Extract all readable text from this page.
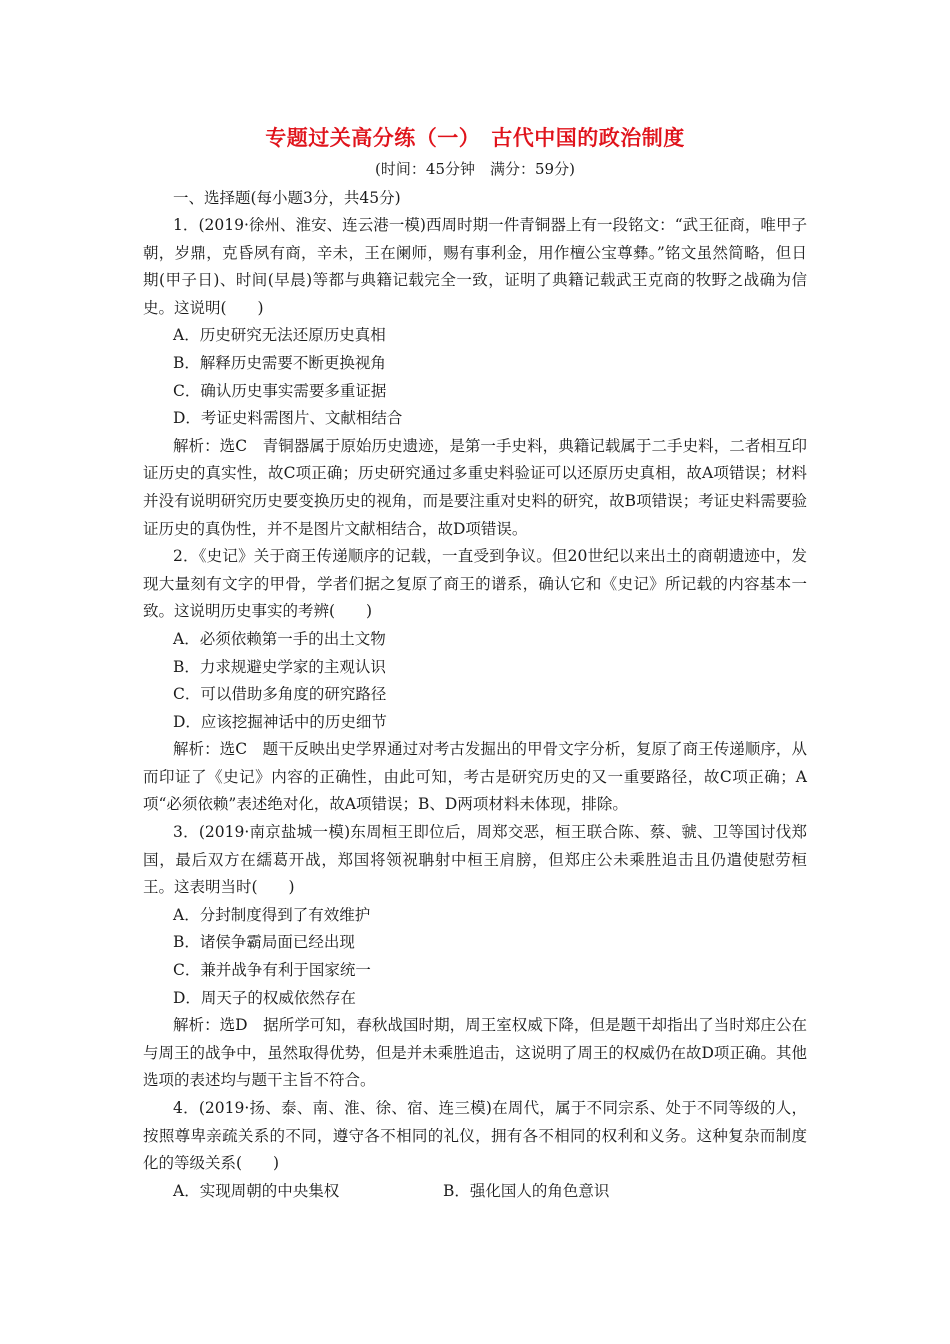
专题过关高分练（一）　古代中国的政治制度
(时间：45分钟　满分：59分)
一、选择题(每小题3分，共45分)

1．(2019·徐州、淮安、连云港一模)西周时期一件青铜器上有一段铭文：“武王征商，唯甲子朝，岁鼎，克昏夙有商，辛未，王在阑师，赐有事利金，用作檀公宝尊彝。”铭文虽然简略，但日期(甲子日)、时间(早晨)等都与典籍记载完全一致，证明了典籍记载武王克商的牧野之战确为信史。这说明(　　)

A．历史研究无法还原历史真相

B．解释历史需要不断更换视角

C．确认历史事实需要多重证据

D．考证史料需图片、文献相结合

解析：选C　青铜器属于原始历史遗迹，是第一手史料，典籍记载属于二手史料，二者相互印证历史的真实性，故C项正确；历史研究通过多重史料验证可以还原历史真相，故A项错误；材料并没有说明研究历史要变换历史的视角，而是要注重对史料的研究，故B项错误；考证史料需要验证历史的真伪性，并不是图片文献相结合，故D项错误。

2．《史记》关于商王传递顺序的记载，一直受到争议。但20世纪以来出土的商朝遗迹中，发现大量刻有文字的甲骨，学者们据之复原了商王的谱系，确认它和《史记》所记载的内容基本一致。这说明历史事实的考辨(　　)

A．必须依赖第一手的出土文物

B．力求规避史学家的主观认识

C．可以借助多角度的研究路径

D．应该挖掘神话中的历史细节

解析：选C　题干反映出史学界通过对考古发掘出的甲骨文字分析，复原了商王传递顺序，从而印证了《史记》内容的正确性，由此可知，考古是研究历史的又一重要路径，故C项正确；A项“必须依赖”表述绝对化，故A项错误；B、D两项材料未体现，排除。

3．(2019·南京盐城一模)东周桓王即位后，周郑交恶，桓王联合陈、蔡、虢、卫等国讨伐郑国，最后双方在繻葛开战，郑国将领祝聃射中桓王肩膀，但郑庄公未乘胜追击且仍遣使慰劳桓王。这表明当时(　　)

A．分封制度得到了有效维护

B．诸侯争霸局面已经出现

C．兼并战争有利于国家统一

D．周天子的权威依然存在

解析：选D　据所学可知，春秋战国时期，周王室权威下降，但是题干却指出了当时郑庄公在与周王的战争中，虽然取得优势，但是并未乘胜追击，这说明了周王的权威仍在故D项正确。其他选项的表述均与题干主旨不符合。

4．(2019·扬、泰、南、淮、徐、宿、连三模)在周代，属于不同宗系、处于不同等级的人，按照尊卑亲疏关系的不同，遵守各不相同的礼仪，拥有各不相同的权利和义务。这种复杂而制度化的等级关系(　　)

A．实现周朝的中央集权	B．强化国人的角色意识
